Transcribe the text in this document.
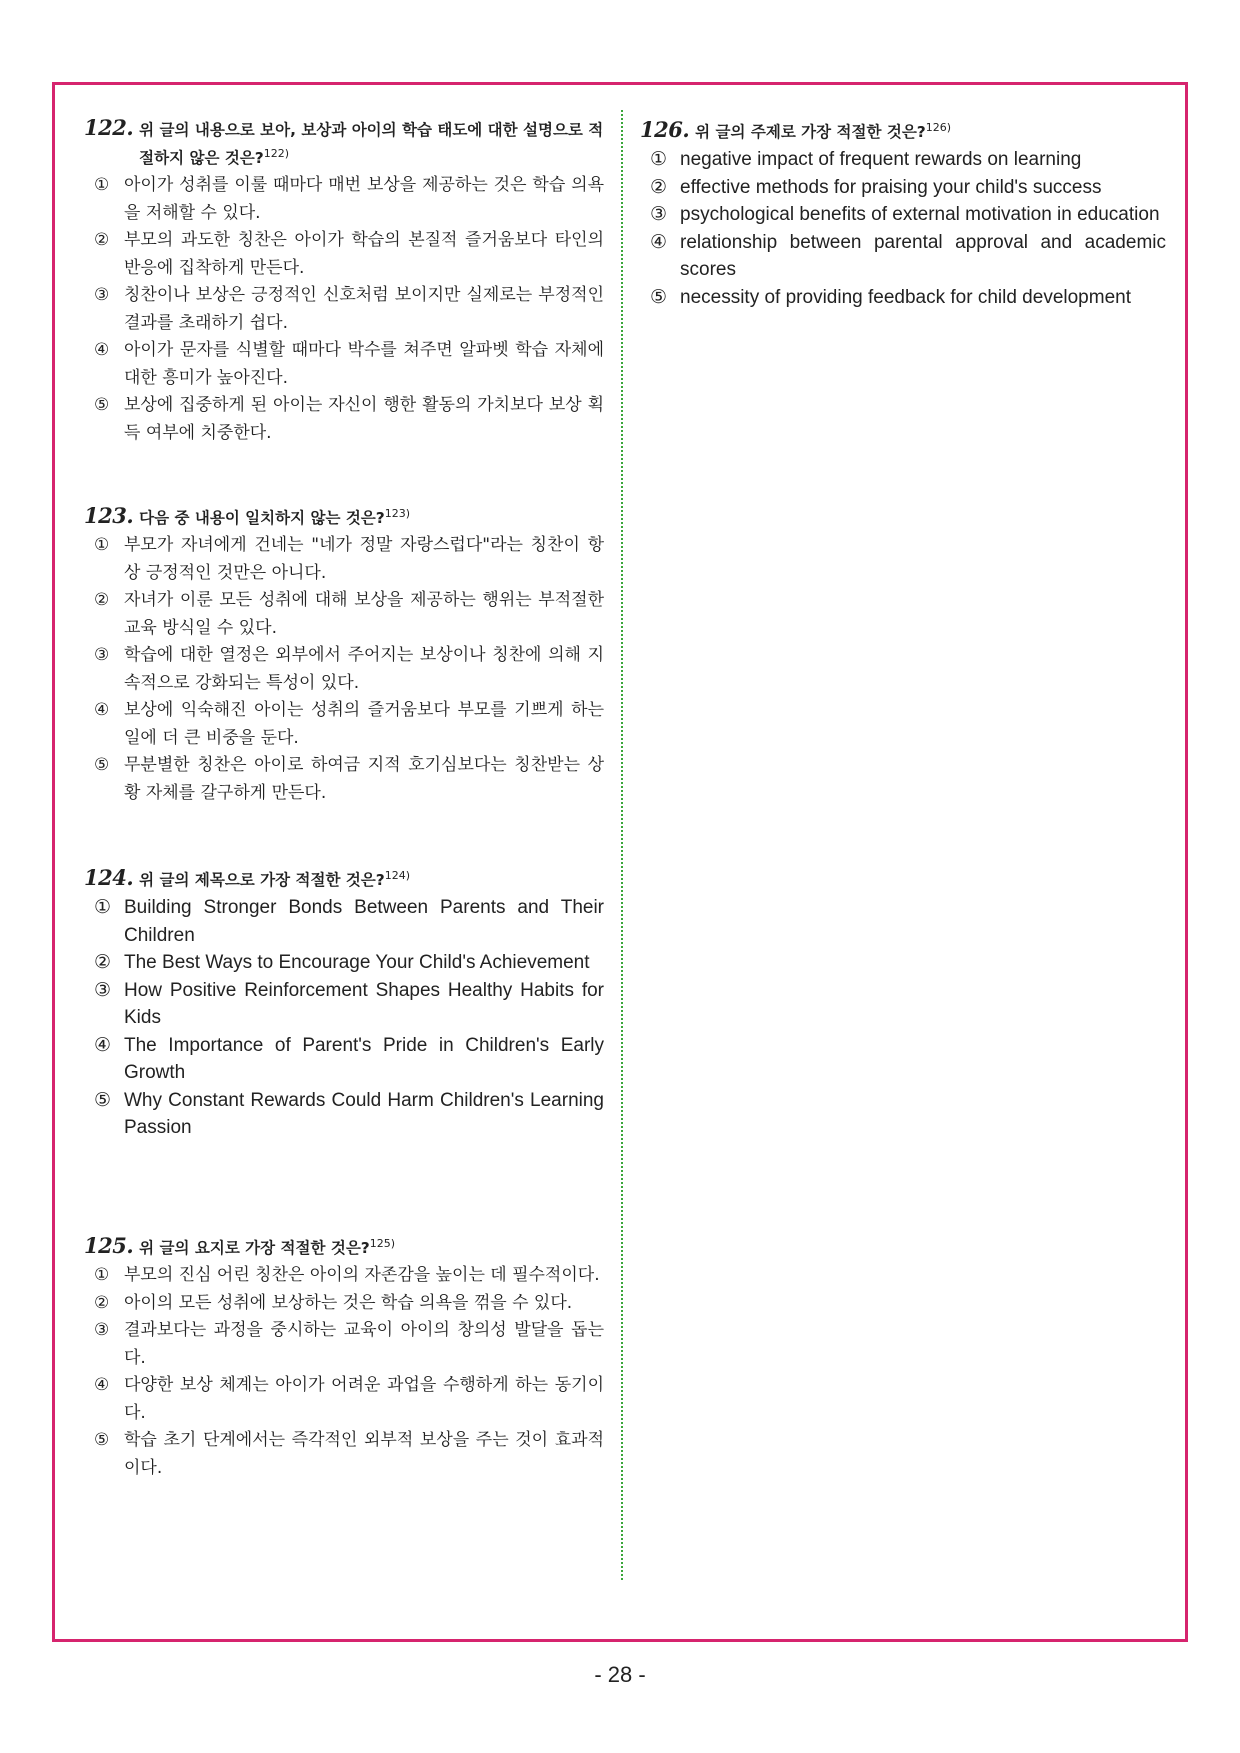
122. 위 글의 내용으로 보아, 보상과 아이의 학습 태도에 대한 설명으로 적절하지 않은 것은?$^{122)}$
① 아이가 성취를 이룰 때마다 매번 보상을 제공하는 것은 학습 의욕을 저해할 수 있다.
② 부모의 과도한 칭찬은 아이가 학습의 본질적 즐거움보다 타인의 반응에 집착하게 만든다.
③ 칭찬이나 보상은 긍정적인 신호처럼 보이지만 실제로는 부정적인 결과를 초래하기 쉽다.
④ 아이가 문자를 식별할 때마다 박수를 쳐주면 알파벳 학습 자체에 대한 흥미가 높아진다.
⑤ 보상에 집중하게 된 아이는 자신이 행한 활동의 가치보다 보상 획득 여부에 치중한다.
123. 다음 중 내용이 일치하지 않는 것은?$^{123)}$
① 부모가 자녀에게 건네는 "네가 정말 자랑스럽다"라는 칭찬이 항상 긍정적인 것만은 아니다.
② 자녀가 이룬 모든 성취에 대해 보상을 제공하는 행위는 부적절한 교육 방식일 수 있다.
③ 학습에 대한 열정은 외부에서 주어지는 보상이나 칭찬에 의해 지속적으로 강화되는 특성이 있다.
④ 보상에 익숙해진 아이는 성취의 즐거움보다 부모를 기쁘게 하는 일에 더 큰 비중을 둔다.
⑤ 무분별한 칭찬은 아이로 하여금 지적 호기심보다는 칭찬받는 상황 자체를 갈구하게 만든다.
124. 위 글의 제목으로 가장 적절한 것은?$^{124)}$
① Building Stronger Bonds Between Parents and Their Children
② The Best Ways to Encourage Your Child's Achievement
③ How Positive Reinforcement Shapes Healthy Habits for Kids
④ The Importance of Parent's Pride in Children's Early Growth
⑤ Why Constant Rewards Could Harm Children's Learning Passion
125. 위 글의 요지로 가장 적절한 것은?$^{125)}$
① 부모의 진심 어린 칭찬은 아이의 자존감을 높이는 데 필수적이다.
② 아이의 모든 성취에 보상하는 것은 학습 의욕을 꺾을 수 있다.
③ 결과보다는 과정을 중시하는 교육이 아이의 창의성 발달을 돕는다.
④ 다양한 보상 체계는 아이가 어려운 과업을 수행하게 하는 동기이다.
⑤ 학습 초기 단계에서는 즉각적인 외부적 보상을 주는 것이 효과적이다.
126. 위 글의 주제로 가장 적절한 것은?$^{126)}$
① negative impact of frequent rewards on learning
② effective methods for praising your child's success
③ psychological benefits of external motivation in education
④ relationship between parental approval and academic scores
⑤ necessity of providing feedback for child development
- 28 -
